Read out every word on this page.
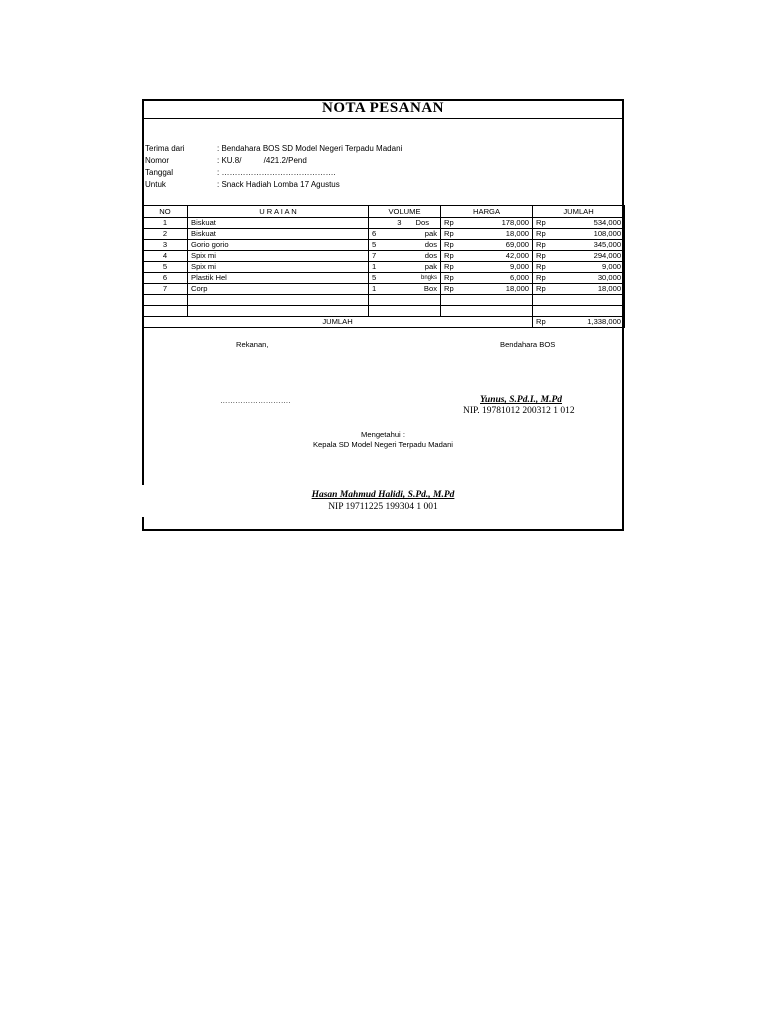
NOTA PESANAN
Terima dari	: Bendahara BOS SD Model Negeri Terpadu Madani
Nomor	: KU.8/          /421.2/Pend
Tanggal	: …………………………………….
Untuk	: Snack Hadiah Lomba 17 Agustus
NO	U R A I A N	VOLUME		HARGA		JUMLAH	
1	Biskuat	3	Dos	Rp	178,000	Rp	534,000
2	Biskuat	6	pak	Rp	18,000	Rp	108,000
3	Gorio gorio	5	dos	Rp	69,000	Rp	345,000
4	Spix mi	7	dos	Rp	42,000	Rp	294,000
5	Spix mi	1	pak	Rp	9,000	Rp	9,000
6	Plastik Hel	5	bngks	Rp	6,000	Rp	30,000
7	Corp	1	Box	Rp	18,000	Rp	18,000

JUMLAH						Rp	1,338,000
Rekanan,	Bendahara BOS
……………………….	Yunus, S.Pd.I., M.Pd
NIP. 19781012 200312 1 012
Mengetahui :
Kepala SD Model Negeri Terpadu Madani
Hasan Mahmud Halidi, S.Pd., M.Pd
NIP 19711225 199304 1 001
